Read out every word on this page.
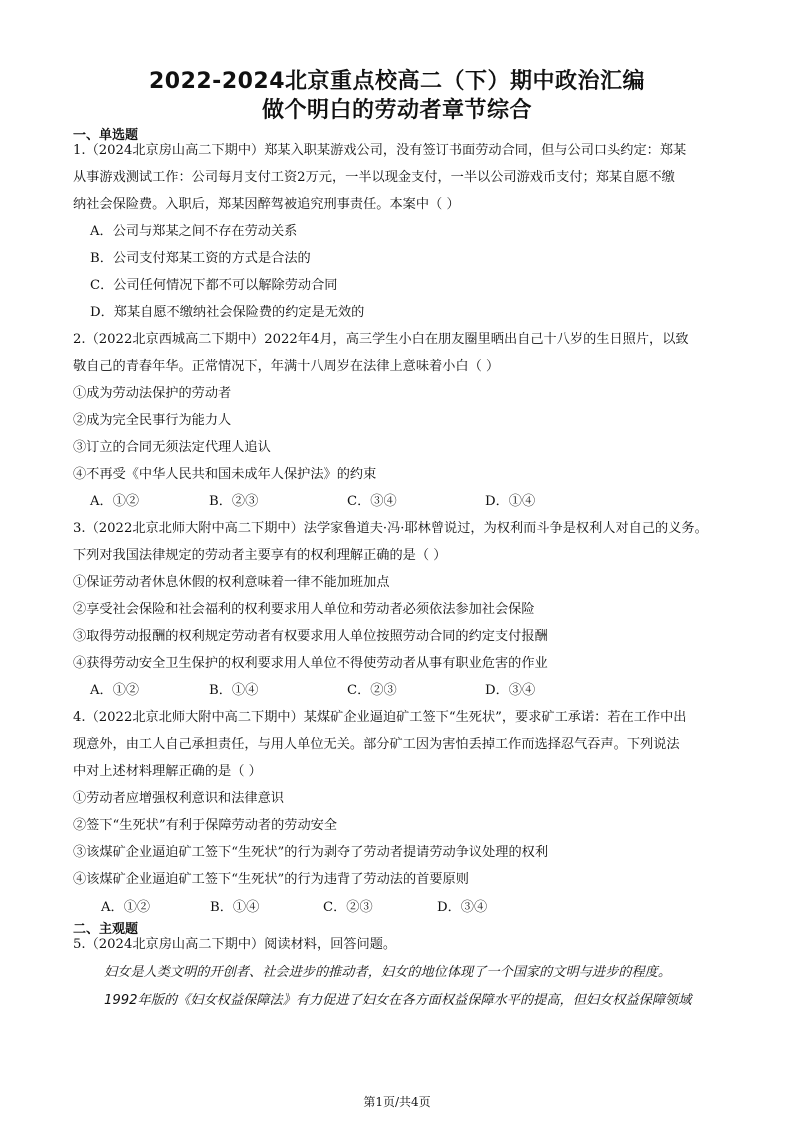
2022-2024北京重点校高二（下）期中政治汇编
做个明白的劳动者章节综合
一、单选题
1.（2024北京房山高二下期中）郑某入职某游戏公司，没有签订书面劳动合同，但与公司口头约定：郑某
从事游戏测试工作：公司每月支付工资2万元，一半以现金支付，一半以公司游戏币支付；郑某自愿不缴
纳社会保险费。入职后，郑某因醉驾被追究刑事责任。本案中（ ）
A．公司与郑某之间不存在劳动关系
B．公司支付郑某工资的方式是合法的
C．公司任何情况下都不可以解除劳动合同
D．郑某自愿不缴纳社会保险费的约定是无效的
2.（2022北京西城高二下期中）2022年4月，高三学生小白在朋友圈里晒出自己十八岁的生日照片，以致
敬自己的青春年华。正常情况下，年满十八周岁在法律上意味着小白（ ）
①成为劳动法保护的劳动者
②成为完全民事行为能力人
③订立的合同无须法定代理人追认
④不再受《中华人民共和国未成年人保护法》的约束
A．①②	B．②③	C．③④	D．①④
3.（2022北京北师大附中高二下期中）法学家鲁道夫·冯·耶林曾说过，为权利而斗争是权利人对自己的义务。
下列对我国法律规定的劳动者主要享有的权利理解正确的是（ ）
①保证劳动者休息休假的权利意味着一律不能加班加点
②享受社会保险和社会福利的权利要求用人单位和劳动者必须依法参加社会保险
③取得劳动报酬的权利规定劳动者有权要求用人单位按照劳动合同的约定支付报酬
④获得劳动安全卫生保护的权利要求用人单位不得使劳动者从事有职业危害的作业
A．①②	B．①④	C．②③	D．③④
4.（2022北京北师大附中高二下期中）某煤矿企业逼迫矿工签下“生死状”，要求矿工承诺：若在工作中出
现意外，由工人自己承担责任，与用人单位无关。部分矿工因为害怕丢掉工作而选择忍气吞声。下列说法
中对上述材料理解正确的是（ ）
①劳动者应增强权利意识和法律意识
②签下“生死状”有利于保障劳动者的劳动安全
③该煤矿企业逼迫矿工签下“生死状”的行为剥夺了劳动者提请劳动争议处理的权利
④该煤矿企业逼迫矿工签下“生死状”的行为违背了劳动法的首要原则
A．①②	B．①④	C．②③	D．③④
二、主观题
5.（2024北京房山高二下期中）阅读材料，回答问题。
妇女是人类文明的开创者、社会进步的推动者，妇女的地位体现了一个国家的文明与进步的程度。
1992年版的《妇女权益保障法》有力促进了妇女在各方面权益保障水平的提高，但妇女权益保障领域
第1页/共4页
